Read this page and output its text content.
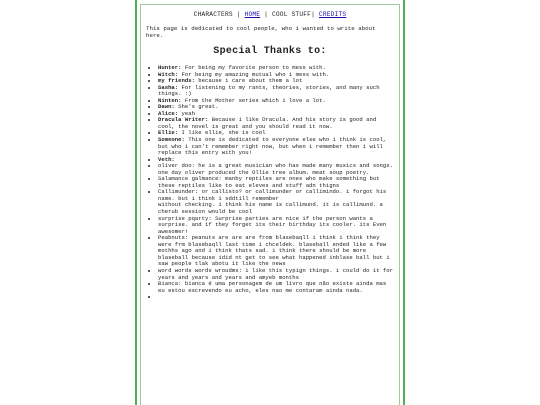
CHARACTERS | HOME | COOL STUFF| CREDITS
This page is dedicated to cool people, who i wanted to write about here.
Special Thanks to:
• Hunter: For being my favorite person to mess with.
• Witch: For being my amazing mutual who i mess with.
• my friends: because i care about them a lot
• Sasha: For listening to my rants, theories, stories, and many such things. :)
• Ninten: From the Mother series which i love a lot.
• Dawn: She's great.
• Alice: yeah
• Dracula Writer: Because i like Dracula. And his story is good and cool, the novel is great and you should read it now.
• Ellie: I like ellie, she is cool
• Someone: This one is dedicated to everyone else who i think is cool, but who i can't remember right now, but when i remember then i will replace this entry with you!
• Veth:
• oliver doo: he is a great musician who has made many musics and songs. one day oliver produced the Ollie tree album. meat soup poetry.
• Salamance galmance: manby reptiles are ones who make something but these reptiles like to eat eleves and stuff adn thigns
• Callimunder: or callisto? or callimunder or callimindo. i forgot his name. but i think i sddtill remember
without checking. i think his name is callimund. it is callimund. a cherub session would be cool
• surprise pqarty: Surprise parties are nice if the person wants a surprise. and if they forget its their birthday its cooler. its Even awesomer!
• Peabnuts: peanuts are are are from blasebaqll i think i think they were frm blasebaqll last time i chceldek. blaseball ended like a few mothhs ago and i think thats sad. i think there should be more blaseball because idid nt get to see what happened inblase ball but i saw people tlak abotu it like the news
• word words words wroudms: i like this typign things. i could do it for years and years and years and amyeb months
• Bianca: bianca é uma personagem de um livro que não existe ainda mas eu estou escrevendo eu acho, eles nao me contaram ainda nada.
•
